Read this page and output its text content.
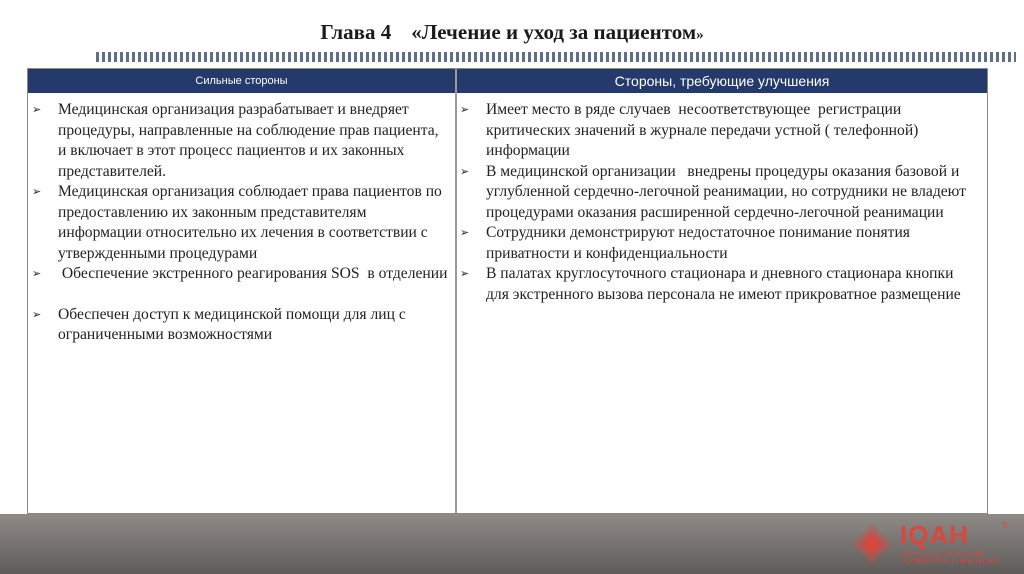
Глава 4 «Лечение и уход за пациентом»
Сильные стороны	Стороны, требующие улучшения
➢ Медицинская организация разрабатывает и внедряет процедуры, направленные на соблюдение прав пациента, и включает в этот процесс пациентов и их законных представителей.
➢ Медицинская организация соблюдает права пациентов по предоставлению их законным представителям информации относительно их лечения в соответствии с утвержденными процедурами
➢ Обеспечение экстренного реагирования SOS  в отделении
➢ Обеспечен доступ к медицинской помощи для лиц с ограниченными возможностями
➢ Имеет место в ряде случаев  несоответствующее  регистрации критических значений в журнале передачи устной ( телефонной) информации
➢ В медицинской организации   внедрены процедуры оказания базовой и углубленной сердечно-легочной реанимации, но сотрудники не владеют  процедурами оказания расширенной сердечно-легочной реанимации
➢ Сотрудники демонстрируют недостаточное понимание понятия приватности и конфиденциальности
➢ В палатах круглосуточного стационара и дневного стационара кнопки для экстренного вызова персонала не имеют прикроватное размещение
IQAH	®
INSTITUTE OF QUALITY AND ACCREDITATION IN HEALTHCARE
